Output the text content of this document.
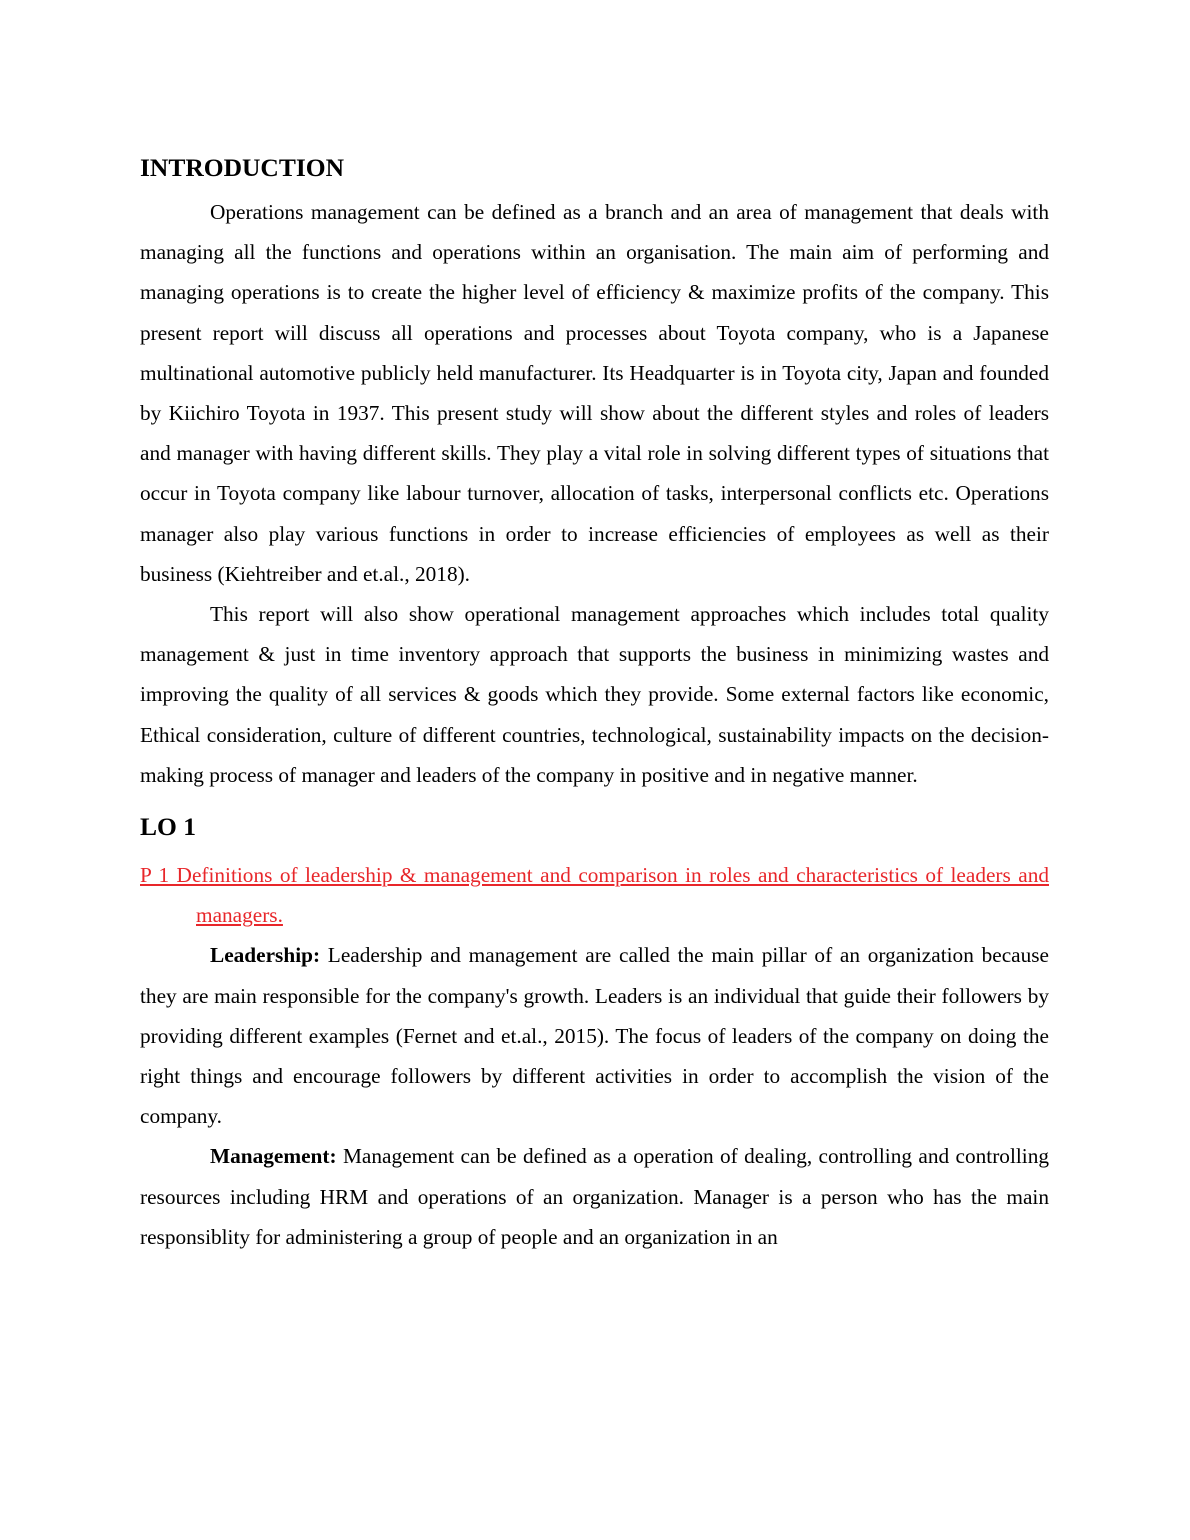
INTRODUCTION

Operations management can be defined as a branch and an area of management that deals with managing all the functions and operations within an organisation. The main aim of performing and managing operations is to create the higher level of efficiency & maximize profits of the company. This present report will discuss all operations and processes about Toyota company, who is a Japanese multinational automotive publicly held manufacturer. Its Headquarter is in Toyota city, Japan and founded by Kiichiro Toyota in 1937. This present study will show about the different styles and roles of leaders and manager with having different skills. They play a vital role in solving different types of situations that occur in Toyota company like labour turnover, allocation of tasks, interpersonal conflicts etc. Operations manager also play various functions in order to increase efficiencies of employees as well as their business (Kiehtreiber and et.al., 2018).

This report will also show operational management approaches which includes total quality management & just in time inventory approach that supports the business in minimizing wastes and improving the quality of all services & goods which they provide. Some external factors like economic, Ethical consideration, culture of different countries, technological, sustainability impacts on the decision-making process of manager and leaders of the company in positive and in negative manner.

LO 1

P 1 Definitions of leadership & management and comparison in roles and characteristics of leaders and managers.

Leadership: Leadership and management are called the main pillar of an organization because they are main responsible for the company's growth. Leaders is an individual that guide their followers by providing different examples (Fernet and et.al., 2015). The focus of leaders of the company on doing the right things and encourage followers by different activities in order to accomplish the vision of the company.

Management: Management can be defined as a operation of dealing, controlling and controlling resources including HRM and operations of an organization. Manager is a person who has the main responsiblity for administering a group of people and an organization in an
